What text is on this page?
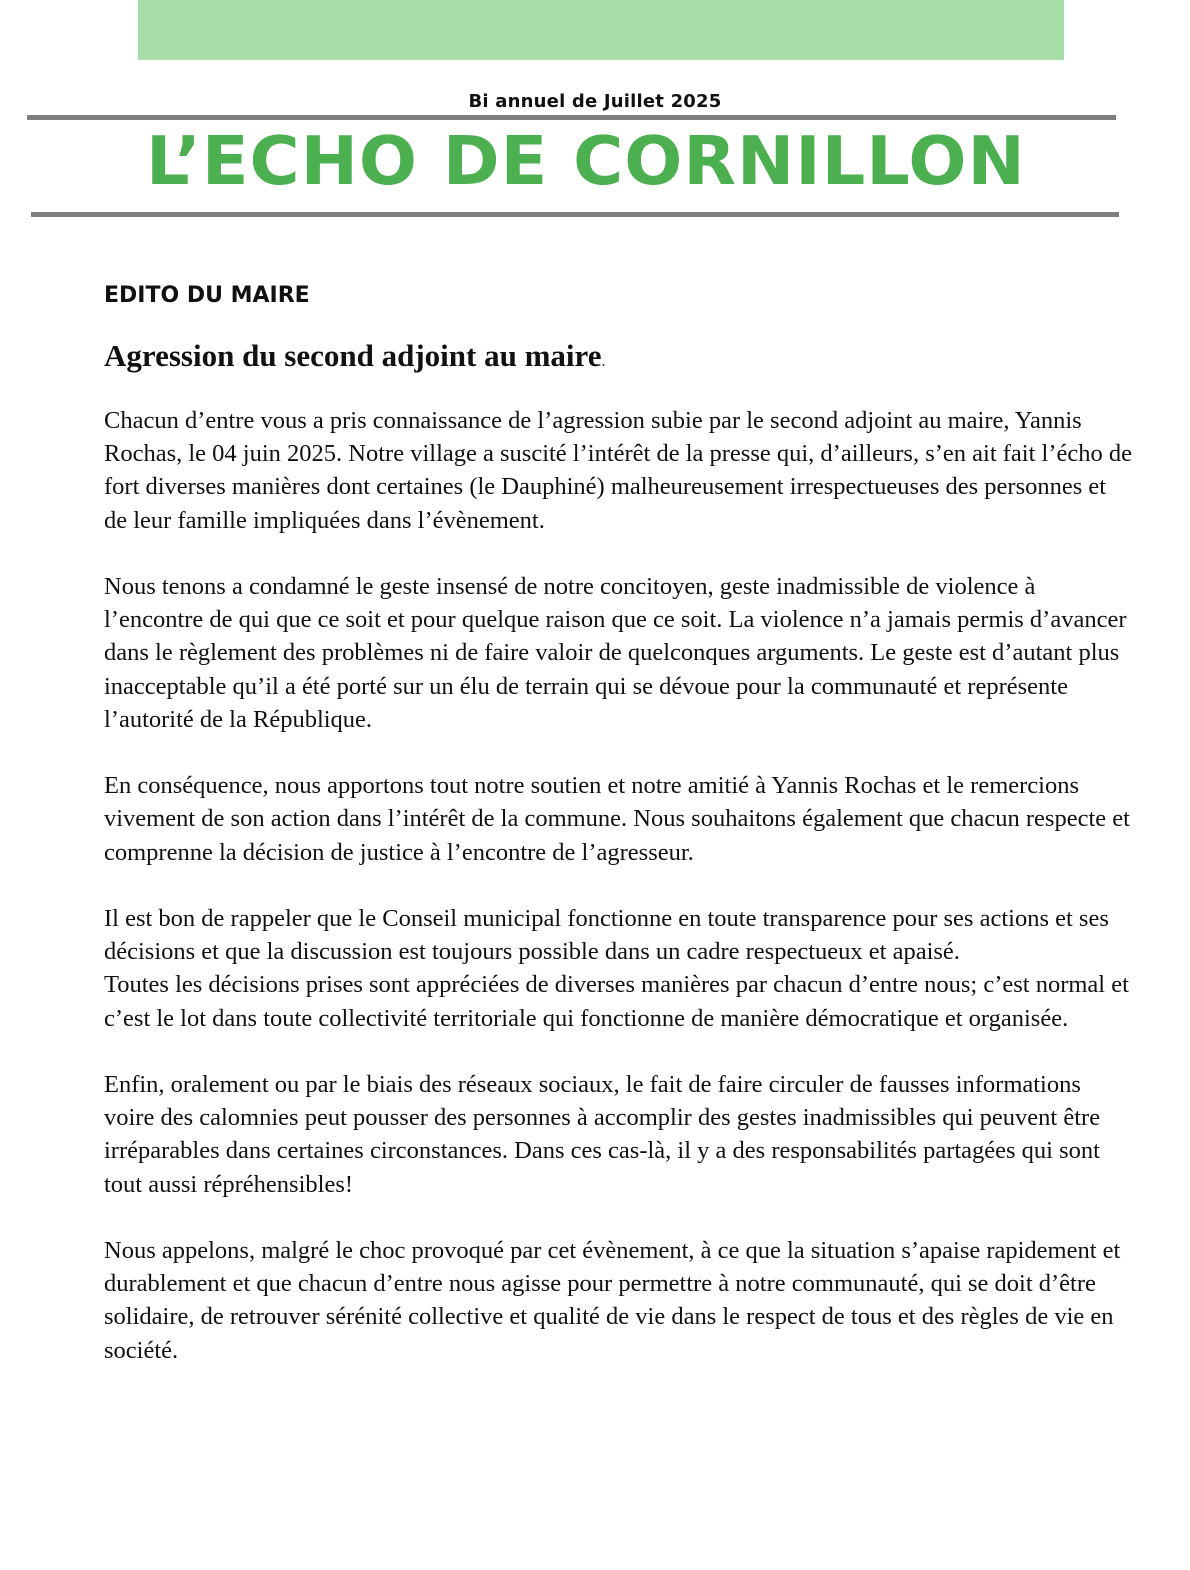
Bi annuel de Juillet 2025
L’ECHO DE CORNILLON
EDITO DU MAIRE
Agression du second adjoint au maire.

Chacun d’entre vous a pris connaissance de l’agression subie par le second adjoint au maire, Yannis Rochas, le 04 juin 2025. Notre village a suscité l’intérêt de la presse qui, d’ailleurs, s’en ait fait l’écho de fort diverses manières dont certaines (le Dauphiné) malheureusement irrespectueuses des personnes et de leur famille impliquées dans l’évènement.

Nous tenons a condamné le geste insensé de notre concitoyen, geste inadmissible de violence à l’encontre de qui que ce soit et pour quelque raison que ce soit. La violence n’a jamais permis d’avancer dans le règlement des problèmes ni de faire valoir de quelconques arguments. Le geste est d’autant plus inacceptable qu’il a été porté sur un élu de terrain qui se dévoue pour la communauté et représente l’autorité de la République.

En conséquence, nous apportons tout notre soutien et notre amitié à Yannis Rochas et le remercions vivement de son action dans l’intérêt de la commune. Nous souhaitons également que chacun respecte et comprenne la décision de justice à l’encontre de l’agresseur.

Il est bon de rappeler que le Conseil municipal fonctionne en toute transparence pour ses actions et ses décisions et que la discussion est toujours possible dans un cadre respectueux et apaisé.

Toutes les décisions prises sont appréciées de diverses manières par chacun d’entre nous; c’est normal et c’est le lot dans toute collectivité territoriale qui fonctionne de manière démocratique et organisée.

Enfin, oralement ou par le biais des réseaux sociaux, le fait de faire circuler de fausses informations voire des calomnies peut pousser des personnes à accomplir des gestes inadmissibles qui peuvent être irréparables dans certaines circonstances. Dans ces cas-là, il y a des responsabilités partagées qui sont tout aussi répréhensibles!

Nous appelons, malgré le choc provoqué par cet évènement, à ce que la situation s’apaise rapidement et durablement et que chacun d’entre nous agisse pour permettre à notre communauté, qui se doit d’être solidaire, de retrouver sérénité collective et qualité de vie dans le respect de tous et des règles de vie en société.
